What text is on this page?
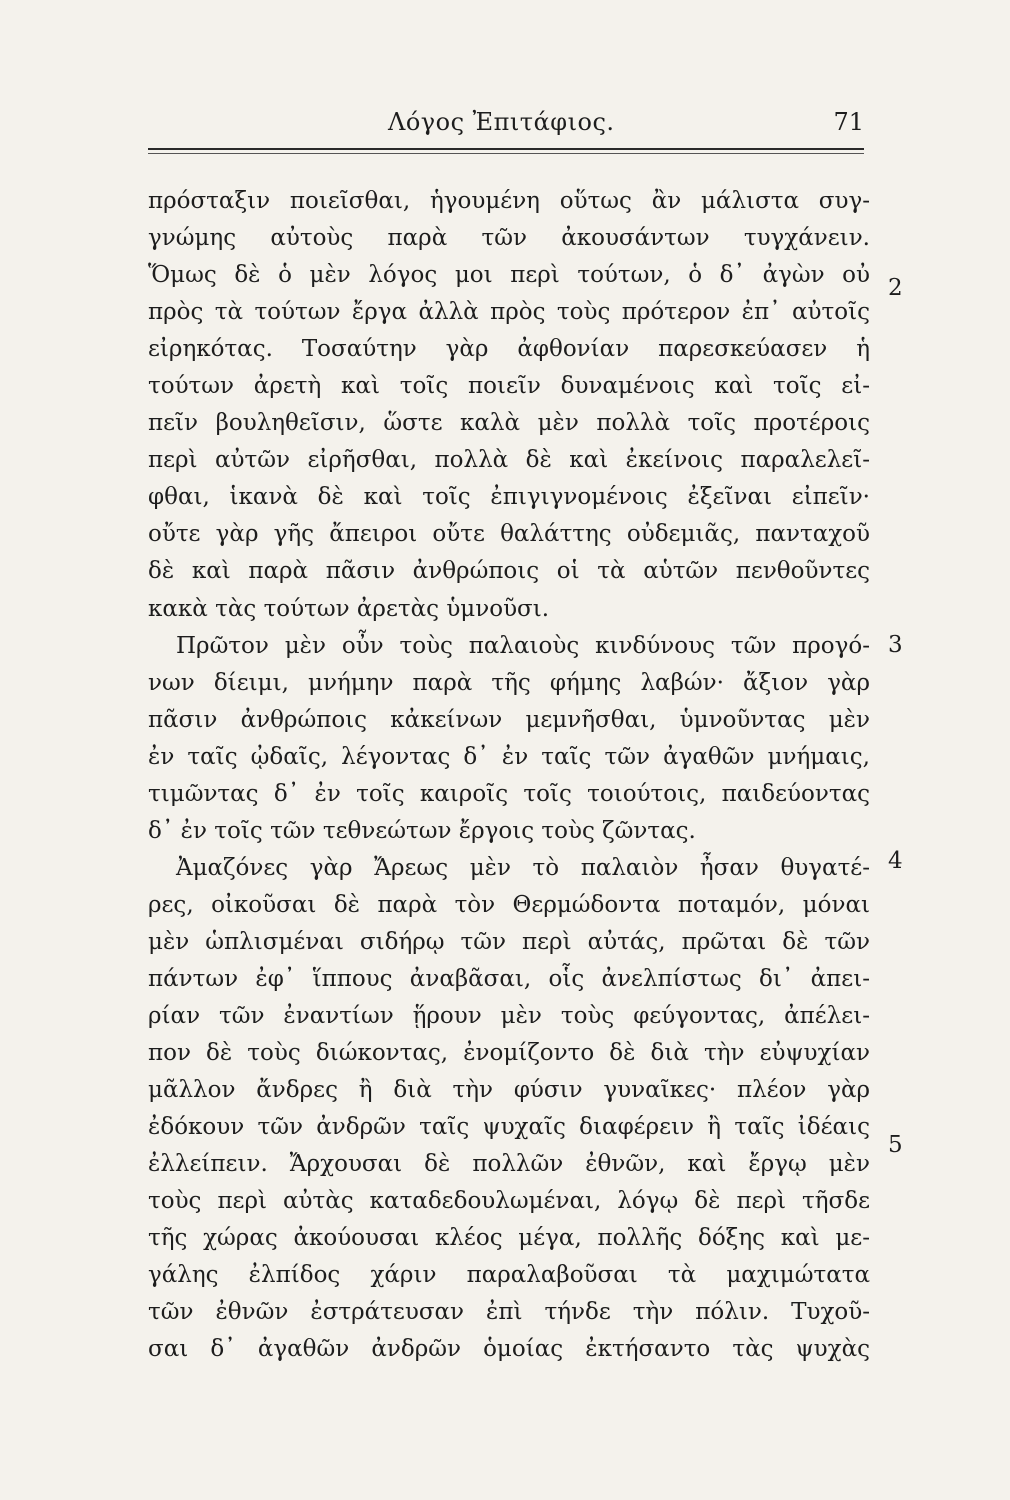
Λόγος Ἐπιτάφιος.	71
2
3
4
5
πρόσταξιν ποιεῖσθαι, ἡγουμένη οὕτως ἂν μάλιστα συγ-
γνώμης αὐτοὺς παρὰ τῶν ἀκουσάντων τυγχάνειν.
Ὅμως δὲ ὁ μὲν λόγος μοι περὶ τούτων, ὁ δ᾽ ἀγὼν οὐ
πρὸς τὰ τούτων ἔργα ἀλλὰ πρὸς τοὺς πρότερον ἐπ᾽ αὐτοῖς
εἰρηκότας. Τοσαύτην γὰρ ἀφθονίαν παρεσκεύασεν ἡ
τούτων ἀρετὴ καὶ τοῖς ποιεῖν δυναμένοις καὶ τοῖς εἰ-
πεῖν βουληθεῖσιν, ὥστε καλὰ μὲν πολλὰ τοῖς προτέροις
περὶ αὐτῶν εἰρῆσθαι, πολλὰ δὲ καὶ ἐκείνοις παραλελεῖ-
φθαι, ἱκανὰ δὲ καὶ τοῖς ἐπιγιγνομένοις ἐξεῖναι εἰπεῖν·
οὔτε γὰρ γῆς ἄπειροι οὔτε θαλάττης οὐδεμιᾶς, πανταχοῦ
δὲ καὶ παρὰ πᾶσιν ἀνθρώποις οἱ τὰ αὑτῶν πενθοῦντες
κακὰ τὰς τούτων ἀρετὰς ὑμνοῦσι.
Πρῶτον μὲν οὖν τοὺς παλαιοὺς κινδύνους τῶν προγό-
νων δίειμι, μνήμην παρὰ τῆς φήμης λαβών· ἄξιον γὰρ
πᾶσιν ἀνθρώποις κἀκείνων μεμνῆσθαι, ὑμνοῦντας μὲν
ἐν ταῖς ᾠδαῖς, λέγοντας δ᾽ ἐν ταῖς τῶν ἀγαθῶν μνήμαις,
τιμῶντας δ᾽ ἐν τοῖς καιροῖς τοῖς τοιούτοις, παιδεύοντας
δ᾽ ἐν τοῖς τῶν τεθνεώτων ἔργοις τοὺς ζῶντας.
Ἀμαζόνες γὰρ Ἄρεως μὲν τὸ παλαιὸν ἦσαν θυγατέ-
ρες, οἰκοῦσαι δὲ παρὰ τὸν Θερμώδοντα ποταμόν, μόναι
μὲν ὡπλισμέναι σιδήρῳ τῶν περὶ αὐτάς, πρῶται δὲ τῶν
πάντων ἐφ᾽ ἵππους ἀναβᾶσαι, οἷς ἀνελπίστως δι᾽ ἀπει-
ρίαν τῶν ἐναντίων ᾕρουν μὲν τοὺς φεύγοντας, ἀπέλει-
πον δὲ τοὺς διώκοντας, ἐνομίζοντο δὲ διὰ τὴν εὐψυχίαν
μᾶλλον ἄνδρες ἢ διὰ τὴν φύσιν γυναῖκες· πλέον γὰρ
ἐδόκουν τῶν ἀνδρῶν ταῖς ψυχαῖς διαφέρειν ἢ ταῖς ἰδέαις
ἐλλείπειν. Ἄρχουσαι δὲ πολλῶν ἐθνῶν, καὶ ἔργῳ μὲν
τοὺς περὶ αὐτὰς καταδεδουλωμέναι, λόγῳ δὲ περὶ τῆσδε
τῆς χώρας ἀκούουσαι κλέος μέγα, πολλῆς δόξης καὶ με-
γάλης ἐλπίδος χάριν παραλαβοῦσαι τὰ μαχιμώτατα
τῶν ἐθνῶν ἐστράτευσαν ἐπὶ τήνδε τὴν πόλιν. Τυχοῦ-
σαι δ᾽ ἀγαθῶν ἀνδρῶν ὁμοίας ἐκτήσαντο τὰς ψυχὰς
